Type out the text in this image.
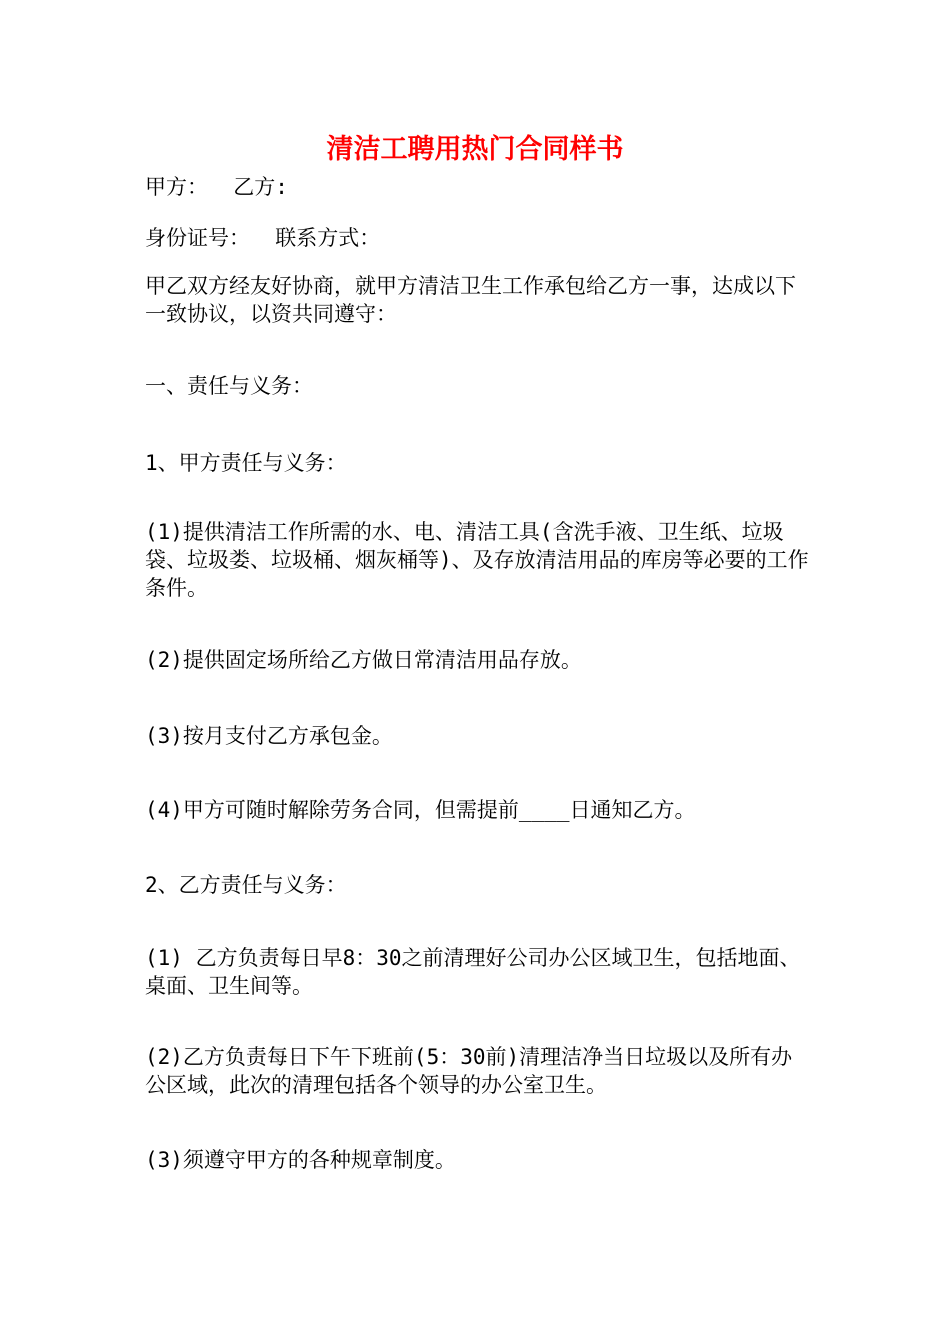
清洁工聘用热门合同样书

甲方：  乙方:

身份证号：  联系方式：

甲乙双方经友好协商，就甲方清洁卫生工作承包给乙方一事，达成以下一致协议，以资共同遵守：

一、责任与义务：

1、甲方责任与义务：

(1)提供清洁工作所需的水、电、清洁工具(含洗手液、卫生纸、垃圾袋、垃圾娄、垃圾桶、烟灰桶等)、及存放清洁用品的库房等必要的工作条件。

(2)提供固定场所给乙方做日常清洁用品存放。

(3)按月支付乙方承包金。

(4)甲方可随时解除劳务合同，但需提前____日通知乙方。

2、乙方责任与义务：

(1) 乙方负责每日早8：30之前清理好公司办公区域卫生，包括地面、桌面、卫生间等。

(2)乙方负责每日下午下班前(5：30前)清理洁净当日垃圾以及所有办公区域，此次的清理包括各个领导的办公室卫生。

(3)须遵守甲方的各种规章制度。
